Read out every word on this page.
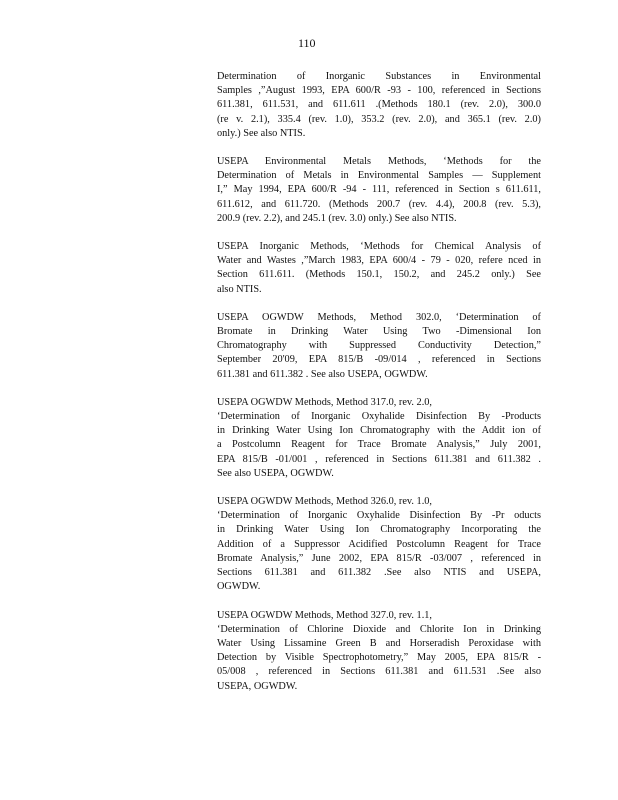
110
Determination of Inorganic Substances in Environmental
Samples ,”August 1993, EPA 600/R -93 - 100, referenced in Sections
611.381, 611.531, and 611.611 .(Methods 180.1 (rev. 2.0), 300.0
(re v. 2.1), 335.4 (rev. 1.0), 353.2 (rev. 2.0), and 365.1 (rev. 2.0)
only.) See also NTIS.
USEPA Environmental Metals Methods, ‘Methods for the
Determination of Metals in Environmental Samples — Supplement
I,” May 1994, EPA 600/R -94 - 111, referenced in Section s 611.611,
611.612, and 611.720. (Methods 200.7 (rev. 4.4), 200.8 (rev. 5.3),
200.9 (rev. 2.2), and 245.1 (rev. 3.0) only.) See also NTIS.
USEPA Inorganic Methods, ‘Methods for Chemical Analysis of
Water and Wastes ,”March 1983, EPA 600/4 - 79 - 020, refere nced in
Section 611.611. (Methods 150.1, 150.2, and 245.2 only.) See
also NTIS.
USEPA OGWDW Methods, Method 302.0, ‘Determination of
Bromate in Drinking Water Using Two -Dimensional Ion
Chromatography with Suppressed Conductivity Detection,”
September 20'09, EPA 815/B -09/014 , referenced in Sections
611.381 and 611.382 . See also USEPA, OGWDW.
USEPA OGWDW Methods, Method 317.0, rev. 2.0,
‘Determination of Inorganic Oxyhalide Disinfection By -Products
in Drinking Water Using Ion Chromatography with the Addit ion of
a Postcolumn Reagent for Trace Bromate Analysis,” July 2001,
EPA 815/B -01/001 , referenced in Sections 611.381 and 611.382 .
See also USEPA, OGWDW.
USEPA OGWDW Methods, Method 326.0, rev. 1.0,
‘Determination of Inorganic Oxyhalide Disinfection By -Pr oducts
in Drinking Water Using Ion Chromatography Incorporating the
Addition of a Suppressor Acidified Postcolumn Reagent for Trace
Bromate Analysis,” June 2002, EPA 815/R -03/007 , referenced in
Sections 611.381 and 611.382 .See also NTIS and USEPA,
OGWDW.
USEPA OGWDW Methods, Method 327.0, rev. 1.1,
‘Determination of Chlorine Dioxide and Chlorite Ion in Drinking
Water Using Lissamine Green B and Horseradish Peroxidase with
Detection by Visible Spectrophotometry,” May 2005, EPA 815/R -
05/008 , referenced in Sections 611.381 and 611.531 .See also
USEPA, OGWDW.
